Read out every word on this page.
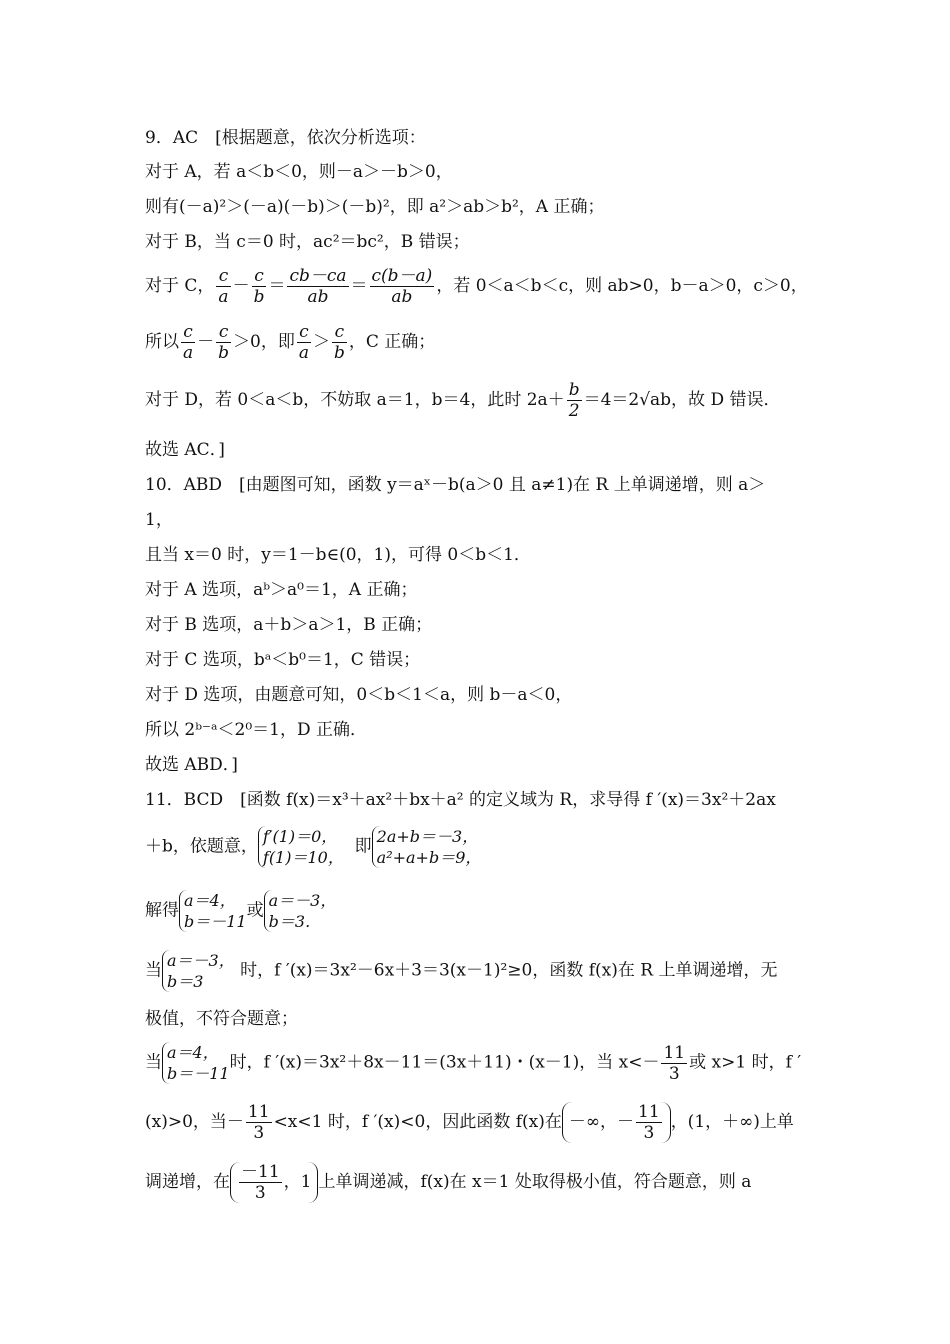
9．AC　[根据题意，依次分析选项：
对于 A，若 a＜b＜0，则－a＞－b＞0，
则有(－a)²＞(－a)(－b)＞(－b)²，即 a²＞ab＞b²，A 正确；
对于 B，当 c＝0 时，ac²＝bc²，B 错误；
对于 C， $\frac{c}{a} - \frac{c}{b} = \frac{cb-ca}{ab} = \frac{c(b-a)}{ab}$ ，若 0＜a＜b＜c，则 ab>0，b－a＞0，c＞0，
所以 $\frac{c}{a} - \frac{c}{b} >0$，即 $\frac{c}{a} > \frac{c}{b}$ ，C 正确；
对于 D，若 0＜a＜b，不妨取 a＝1，b＝4，此时 $2a+ \frac{b}{2} =4=2√ab$，故 D 错误．
故选 AC．]
10．ABD　[由题图可知，函数 y＝aˣ－b(a＞0 且 a≠1)在 R 上单调递增，则 a＞
1，
且当 x＝0 时，y＝1－b∈(0，1)，可得 0＜b＜1．
对于 A 选项，aᵇ＞a⁰＝1，A 正确；
对于 B 选项，a＋b＞a＞1，B 正确；
对于 C 选项，bᵃ＜b⁰＝1，C 错误；
对于 D 选项，由题意可知，0＜b＜1＜a，则 b－a＜0，
所以 2ᵇ⁻ᵃ＜2⁰＝1，D 正确．
故选 ABD．]
11．BCD　[函数 f(x)＝x³＋ax²＋bx＋a² 的定义域为 R，求导得 f ′(x)＝3x²＋2ax
＋b，依题意， f′(1)＝0，
f(1)＝10，
即 2a+b＝－3，
a²+a+b＝9，
解得 a＝4，
b＝－11
或 a＝－3，
b＝3．
当 a＝－3，
b＝3
时，f ′(x)＝3x²－6x＋3＝3(x－1)²≥0，函数 f(x)在 R 上单调递增，无
极值，不符合题意；
当 a＝4，
b＝－11
时，f ′(x)＝3x²＋8x－11＝(3x＋11)・(x－1)，当 $x<- \frac{11}{3}$ 或 x>1 时，f ′
(x)>0，当－ $\frac{11}{3} <x<1$ 时，f ′(x)<0，因此函数 f(x)在 －∞，－ $\frac{11}{3}$ ，(1，＋∞)上单
调递增，在 $\frac{-11}{3}$ ，1 上单调递减，f(x)在 x＝1 处取得极小值，符合题意，则 a
